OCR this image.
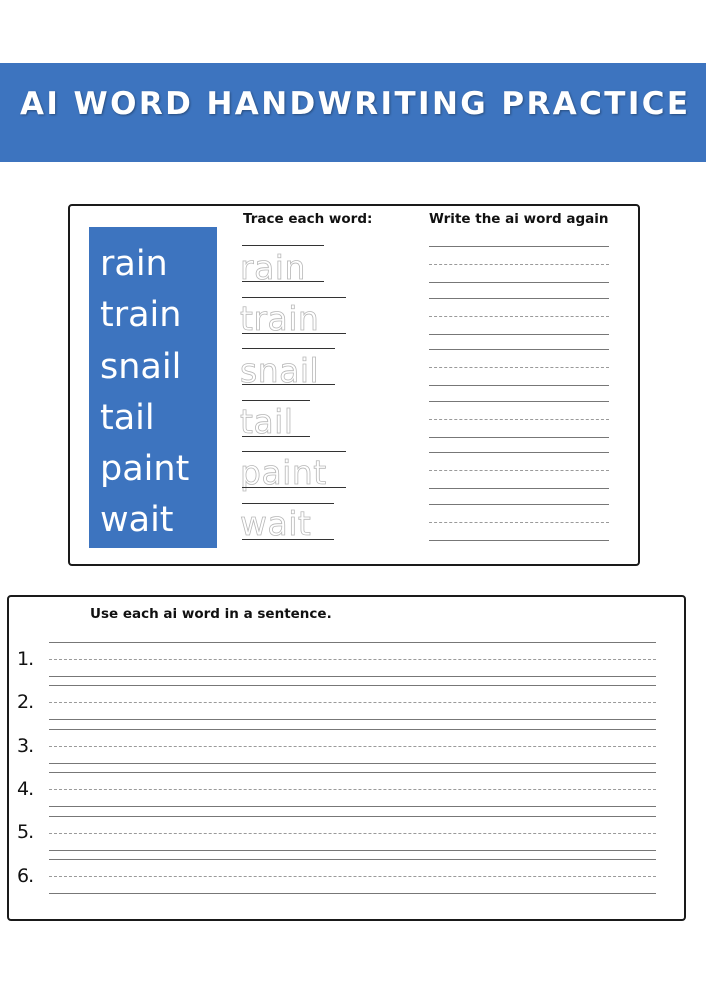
AI WORD HANDWRITING PRACTICE
Trace each word:	Write the ai word again
rain
train
snail
tail
paint
wait
rain
train
snail
tail
paint
wait
Use each ai word in a sentence.
1.
2.
3.
4.
5.
6.
